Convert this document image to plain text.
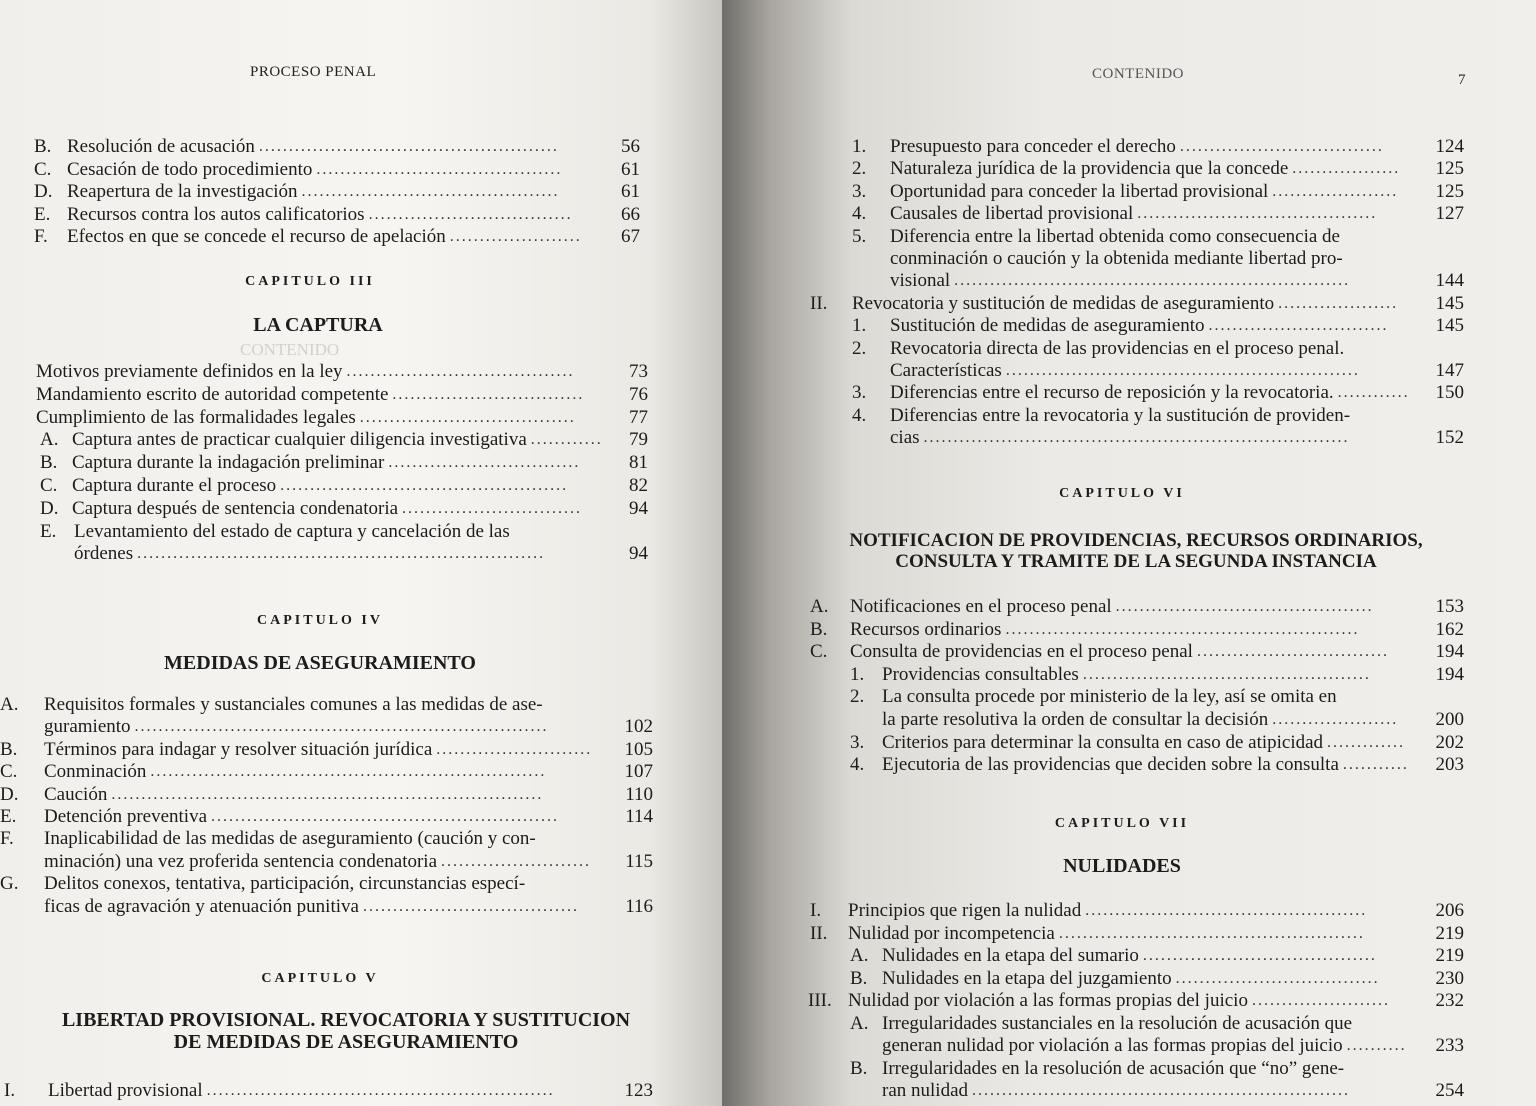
CONTENIDO
PROCESO PENAL
B. Resolución de acusación ..................................................	56
C. Cesación de todo procedimiento .........................................	61
D. Reapertura de la investigación ...........................................	61
E. Recursos contra los autos calificatorios ..................................	66
F. Efectos en que se concede el recurso de apelación ......................	67
CAPITULO III
LA CAPTURA
Motivos previamente definidos en la ley ......................................	73
Mandamiento escrito de autoridad competente ................................	76
Cumplimiento de las formalidades legales ....................................	77
A. Captura antes de practicar cualquier diligencia investigativa ............	79
B. Captura durante la indagación preliminar ................................	81
C. Captura durante el proceso ................................................	82
D. Captura después de sentencia condenatoria ..............................	94
E. Levantamiento del estado de captura y cancelación de las
órdenes ....................................................................	94
CAPITULO IV
MEDIDAS DE ASEGURAMIENTO
A. Requisitos formales y sustanciales comunes a las medidas de ase-
guramiento .....................................................................	102
B. Términos para indagar y resolver situación jurídica ..........................	105
C. Conminación ..................................................................	107
D. Caución ........................................................................	110
E. Detención preventiva ..........................................................	114
F. Inaplicabilidad de las medidas de aseguramiento (caución y con-
minación) una vez proferida sentencia condenatoria .........................	115
G. Delitos conexos, tentativa, participación, circunstancias especí-
ficas de agravación y atenuación punitiva ....................................	116
CAPITULO V
LIBERTAD PROVISIONAL. REVOCATORIA Y SUSTITUCION
DE MEDIDAS DE ASEGURAMIENTO
I. Libertad provisional ..........................................................	123
CONTENIDO	7
1. Presupuesto para conceder el derecho ..................................	124
2. Naturaleza jurídica de la providencia que la concede ..................	125
3. Oportunidad para conceder la libertad provisional .....................	125
4. Causales de libertad provisional ........................................	127
5. Diferencia entre la libertad obtenida como consecuencia de
conminación o caución y la obtenida mediante libertad pro-
visional ..................................................................	144
II. Revocatoria y sustitución de medidas de aseguramiento ....................	145
1. Sustitución de medidas de aseguramiento ..............................	145
2. Revocatoria directa de las providencias en el proceso penal.
Características ...........................................................	147
3. Diferencias entre el recurso de reposición y la revocatoria. ............	150
4. Diferencias entre la revocatoria y la sustitución de providen-
cias .......................................................................	152
CAPITULO VI
NOTIFICACION DE PROVIDENCIAS, RECURSOS ORDINARIOS,
CONSULTA Y TRAMITE DE LA SEGUNDA INSTANCIA
A. Notificaciones en el proceso penal ...........................................	153
B. Recursos ordinarios ...........................................................	162
C. Consulta de providencias en el proceso penal ................................	194
1. Providencias consultables ................................................	194
2. La consulta procede por ministerio de la ley, así se omita en
la parte resolutiva la orden de consultar la decisión .....................	200
3. Criterios para determinar la consulta en caso de atipicidad .............	202
4. Ejecutoria de las providencias que deciden sobre la consulta ...........	203
CAPITULO VII
NULIDADES
I. Principios que rigen la nulidad ...............................................	206
II. Nulidad por incompetencia ...................................................	219
A. Nulidades en la etapa del sumario .......................................	219
B. Nulidades en la etapa del juzgamiento ..................................	230
III. Nulidad por violación a las formas propias del juicio .......................	232
A. Irregularidades sustanciales en la resolución de acusación que
generan nulidad por violación a las formas propias del juicio ..........	233
B. Irregularidades en la resolución de acusación que “no” gene-
ran nulidad ...............................................................	254
